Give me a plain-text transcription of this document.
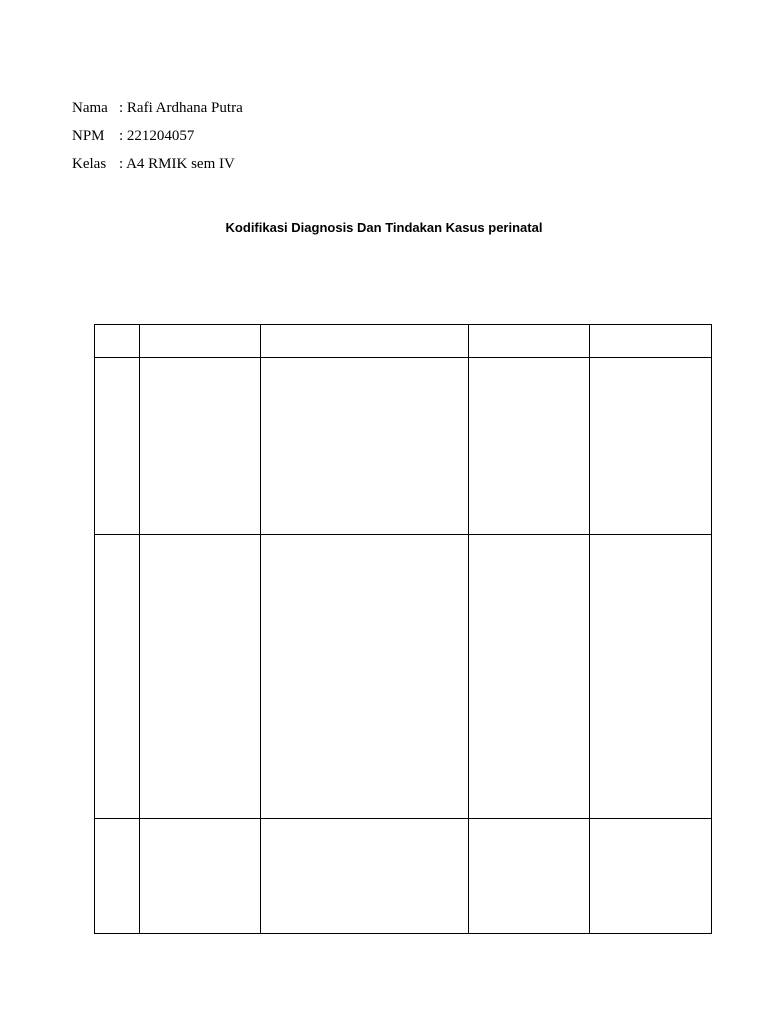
Nama : Rafi Ardhana Putra
NPM : 221204057
Kelas : A4 RMIK sem IV
Kodifikasi Diagnosis Dan Tindakan Kasus perinatal
